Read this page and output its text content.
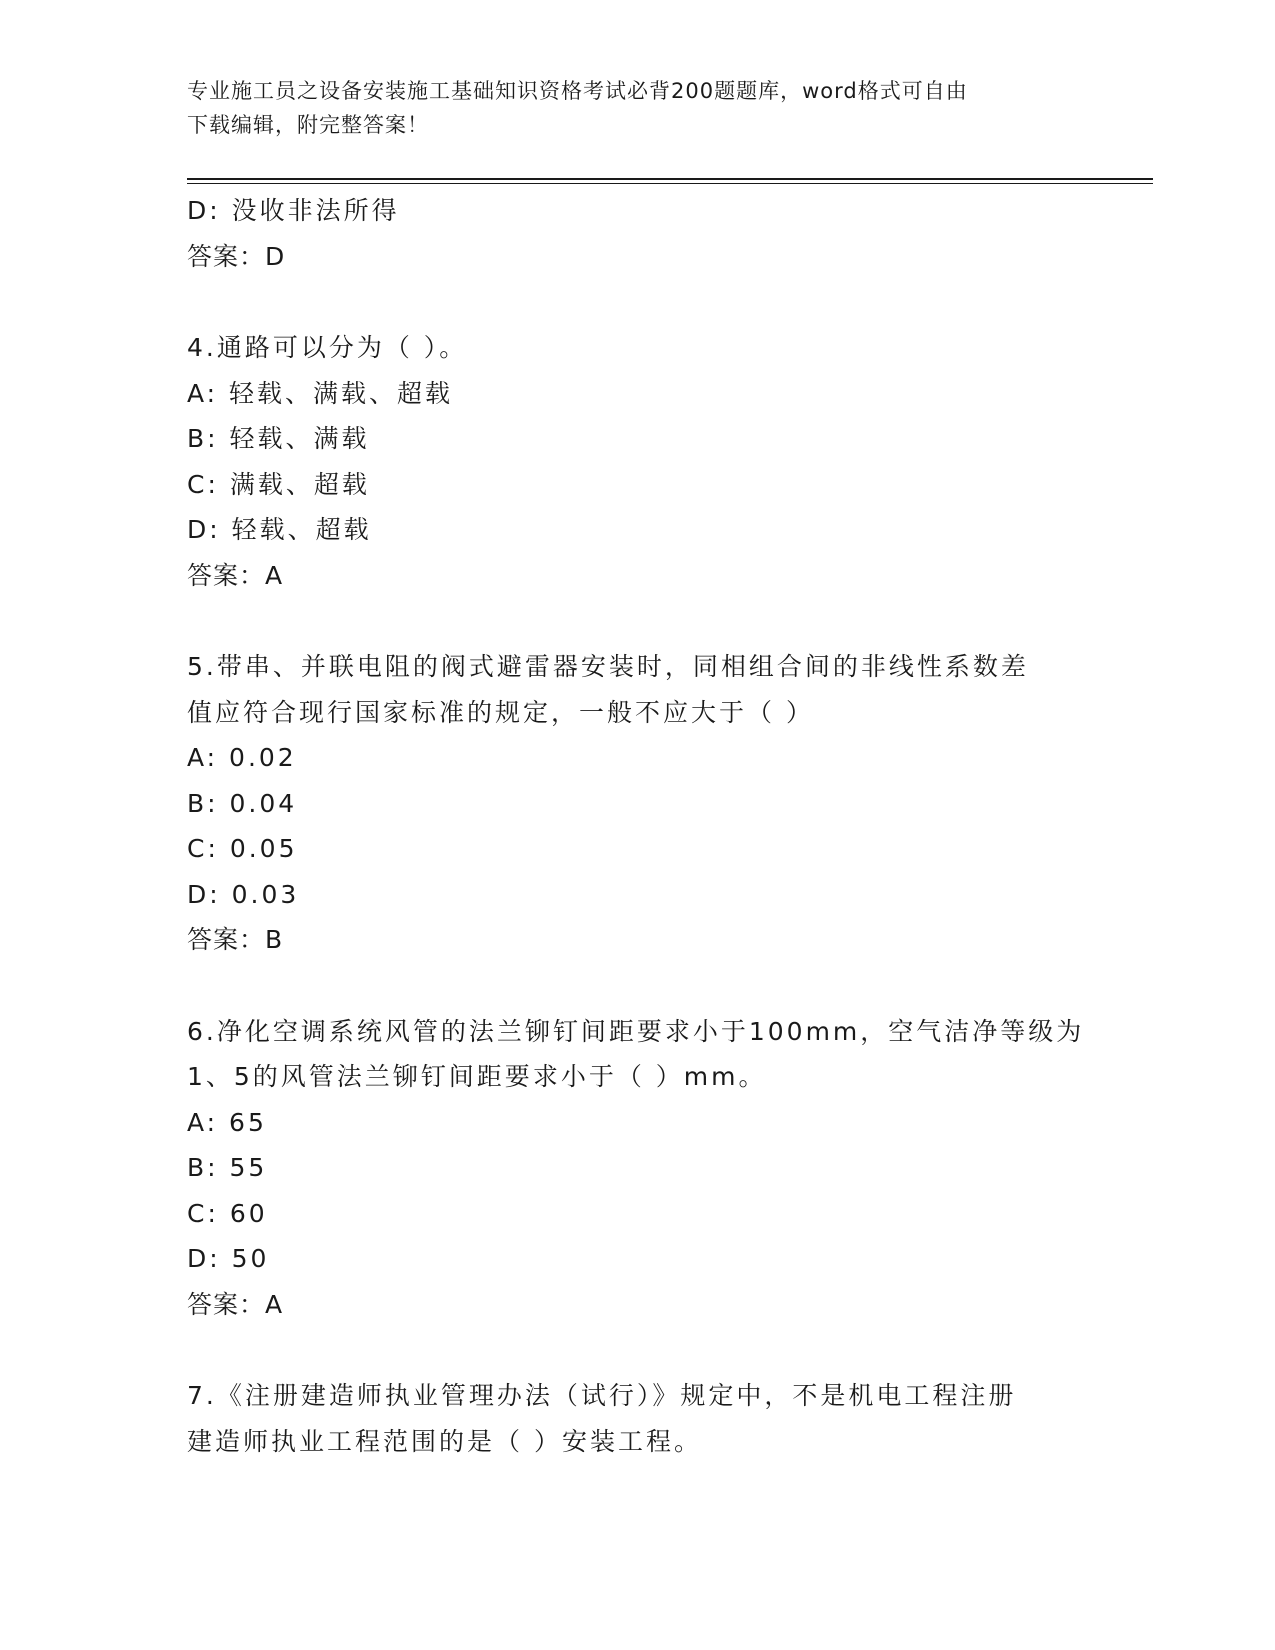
专业施工员之设备安装施工基础知识资格考试必背200题题库，word格式可自由
下载编辑，附完整答案！
D: 没收非法所得
答案：D
4.通路可以分为（ ）。
A: 轻载、满载、超载
B: 轻载、满载
C: 满载、超载
D: 轻载、超载
答案：A
5.带串、并联电阻的阀式避雷器安装时，同相组合间的非线性系数差
值应符合现行国家标准的规定，一般不应大于（ ）
A: 0.02
B: 0.04
C: 0.05
D: 0.03
答案：B
6.净化空调系统风管的法兰铆钉间距要求小于100mm，空气洁净等级为
1、5的风管法兰铆钉间距要求小于（ ）mm。
A: 65
B: 55
C: 60
D: 50
答案：A
7.《注册建造师执业管理办法（试行）》规定中，不是机电工程注册
建造师执业工程范围的是（ ）安装工程。
